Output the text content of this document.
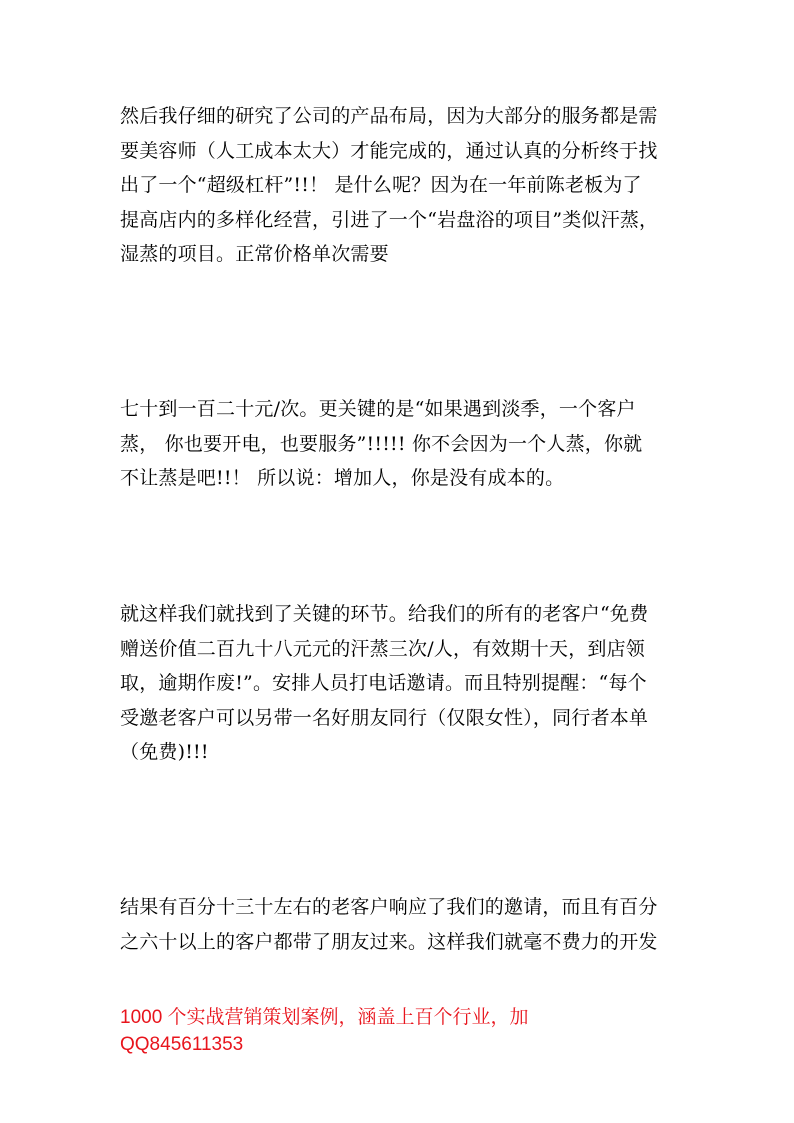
然后我仔细的研究了公司的产品布局，因为大部分的服务都是需
要美容师（人工成本太大）才能完成的，通过认真的分析终于找
出了一个“超级杠杆”!!！ 是什么呢？因为在一年前陈老板为了
提高店内的多样化经营，引进了一个“岩盘浴的项目”类似汗蒸，
湿蒸的项目。正常价格单次需要
七十到一百二十元/次。更关键的是“如果遇到淡季，一个客户
蒸， 你也要开电，也要服务”!!!!! 你不会因为一个人蒸，你就
不让蒸是吧!!！ 所以说：增加人，你是没有成本的。
就这样我们就找到了关键的环节。给我们的所有的老客户“免费
赠送价值二百九十八元元的汗蒸三次/人，有效期十天，到店领
取，逾期作废!”。安排人员打电话邀请。而且特别提醒：“每个
受邀老客户可以另带一名好朋友同行（仅限女性），同行者本单
（免费)!!!
结果有百分十三十左右的老客户响应了我们的邀请，而且有百分
之六十以上的客户都带了朋友过来。这样我们就毫不费力的开发
1000 个实战营销策划案例，涵盖上百个行业，加
QQ845611353
